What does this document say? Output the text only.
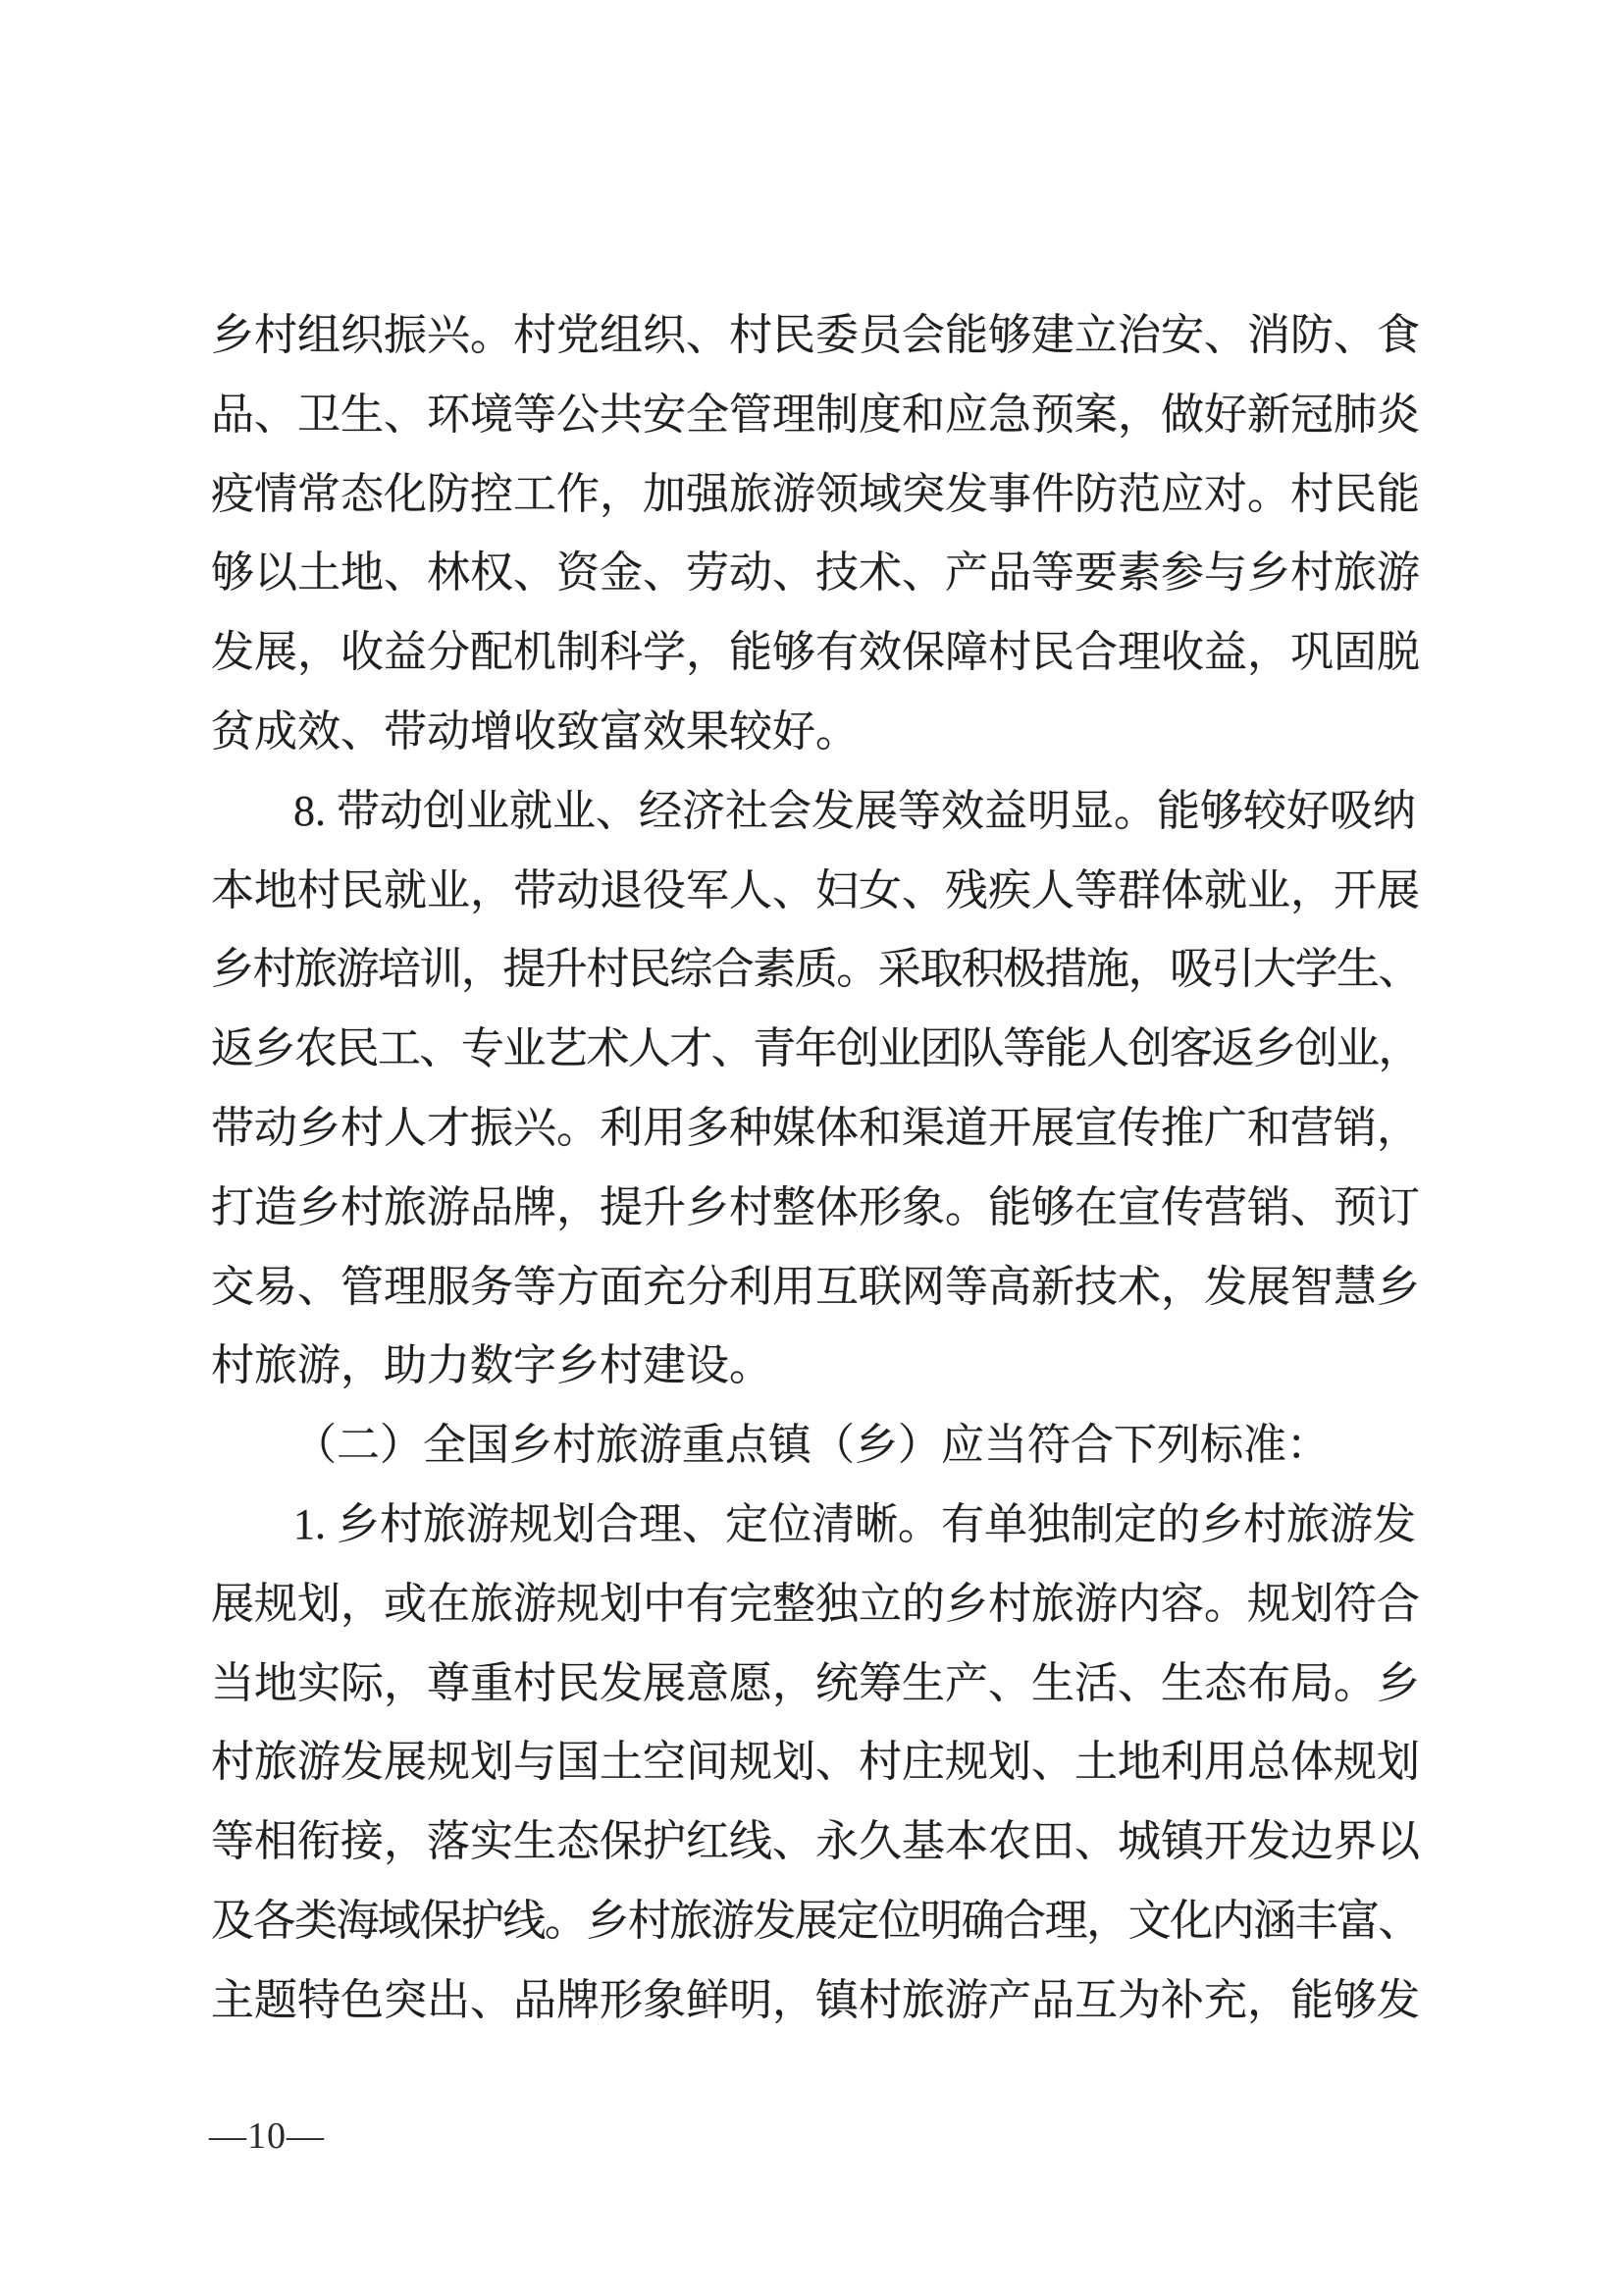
乡村组织振兴。村党组织、村民委员会能够建立治安、消防、食
品、卫生、环境等公共安全管理制度和应急预案，做好新冠肺炎
疫情常态化防控工作，加强旅游领域突发事件防范应对。村民能
够以土地、林权、资金、劳动、技术、产品等要素参与乡村旅游
发展，收益分配机制科学，能够有效保障村民合理收益，巩固脱
贫成效、带动增收致富效果较好。
8. 带动创业就业、经济社会发展等效益明显。能够较好吸纳
本地村民就业，带动退役军人、妇女、残疾人等群体就业，开展
乡村旅游培训，提升村民综合素质。采取积极措施，吸引大学生、
返乡农民工、专业艺术人才、青年创业团队等能人创客返乡创业，
带动乡村人才振兴。利用多种媒体和渠道开展宣传推广和营销，
打造乡村旅游品牌，提升乡村整体形象。能够在宣传营销、预订
交易、管理服务等方面充分利用互联网等高新技术，发展智慧乡
村旅游，助力数字乡村建设。
（二）全国乡村旅游重点镇（乡）应当符合下列标准：
1. 乡村旅游规划合理、定位清晰。有单独制定的乡村旅游发
展规划，或在旅游规划中有完整独立的乡村旅游内容。规划符合
当地实际，尊重村民发展意愿，统筹生产、生活、生态布局。乡
村旅游发展规划与国土空间规划、村庄规划、土地利用总体规划
等相衔接，落实生态保护红线、永久基本农田、城镇开发边界以
及各类海域保护线。乡村旅游发展定位明确合理，文化内涵丰富、
主题特色突出、品牌形象鲜明，镇村旅游产品互为补充，能够发
—10—
